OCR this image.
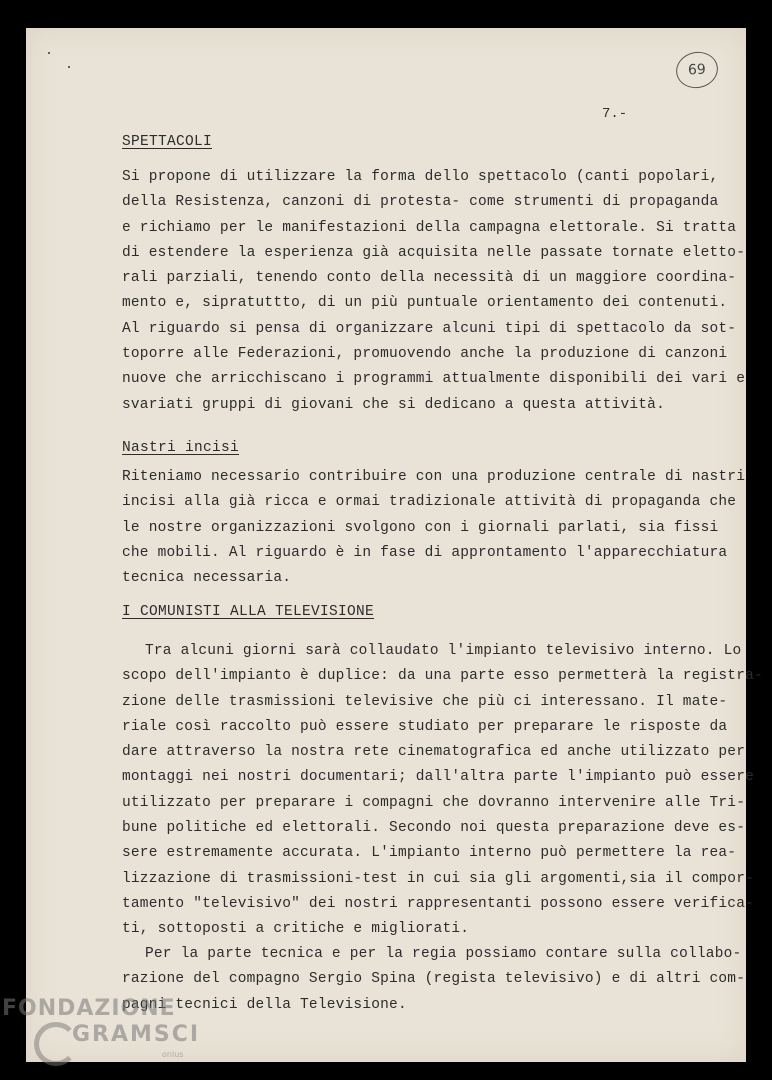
69
7.-
SPETTACOLI

Si propone di utilizzare la forma dello spettacolo (canti popolari,
della Resistenza, canzoni di protesta- come strumenti di propaganda
e richiamo per le manifestazioni della campagna elettorale. Si tratta
di estendere la esperienza già acquisita nelle passate tornate eletto-
rali parziali, tenendo conto della necessità di un maggiore coordina-
mento e, sipratuttto, di un più puntuale orientamento dei contenuti.
Al riguardo si pensa di organizzare alcuni tipi di spettacolo da sot-
toporre alle Federazioni, promuovendo anche la produzione di canzoni
nuove che arricchiscano i programmi attualmente disponibili dei vari e
svariati gruppi di giovani che si dedicano a questa attività.

Nastri incisi

Riteniamo necessario contribuire con una produzione centrale di nastri
incisi alla già ricca e ormai tradizionale attività di propaganda che
le nostre organizzazioni svolgono con i giornali parlati, sia fissi
che mobili. Al riguardo è in fase di approntamento l'apparecchiatura
tecnica necessaria.

I COMUNISTI ALLA TELEVISIONE

Tra alcuni giorni sarà collaudato l'impianto televisivo interno. Lo
scopo dell'impianto è duplice: da una parte esso permetterà la registra-
zione delle trasmissioni televisive che più ci interessano. Il mate-
riale così raccolto può essere studiato per preparare le risposte da
dare attraverso la nostra rete cinematografica ed anche utilizzato per
montaggi nei nostri documentari; dall'altra parte l'impianto può essere
utilizzato per preparare i compagni che dovranno intervenire alle Tri-
bune politiche ed elettorali. Secondo noi questa preparazione deve es-
sere estremamente accurata. L'impianto interno può permettere la rea-
lizzazione di trasmissioni-test in cui sia gli argomenti,sia il compor-
tamento "televisivo" dei nostri rappresentanti possono essere verifica-
ti, sottoposti a critiche e migliorati.

Per la parte tecnica e per la regia possiamo contare sulla collabo-
razione del compagno Sergio Spina (regista televisivo) e di altri com-
pagni tecnici della Televisione.

FONDAZIONE
GRAMSCI
onlus
